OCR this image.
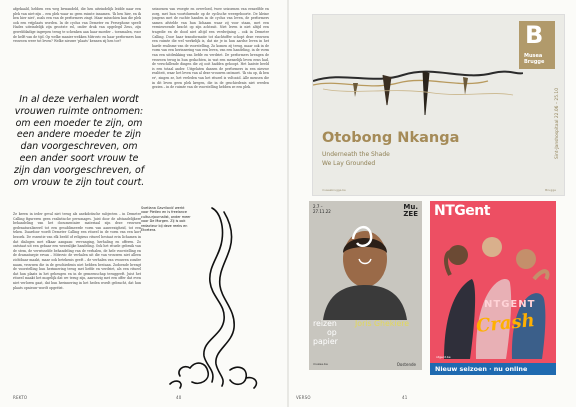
afgekaald, hebben een weg bewandeld, die hen uiteindelijk leidde naar een plek van niet-zijn – een plek waar zo geen ruimte innamen. 'Ik ben hier, en ik ben hier niet', zoals een van de performers zingt. Maar misschien kan die plek ook een vrijplaats worden. In de cyclus van Demeter en Persephone speelt Hades uiteindelijk zijn grootste rol, onder druk van opgelegd Zeus, zijn gewelddadige ingrepen terug te schenken aan haar moeder – toenmalen, voor de helft van de tijd. Op welke manier wekken Mitrovic en haar performers hun vrouwen weer tot leven? Welke nieuwe 'plaats' kennen zij hen toe?

In al deze verhalen wordt vrouwen ruimte ontnomen: om een moeder te zijn, om een andere moeder te zijn dan voorgeschreven, om een ander soort vrouw te zijn dan voorgeschreven, of om vrouw te zijn tout court.

Ze keren in ieder geval niet terug als anekdotische subjecten – in Demeter Calling figureren geen realistische personages. Juist door de afstandelijkere behandeling van het documentaire materiaal zijn deze vrouwen gedenaturaliseerd tot een gesublimeerde vorm van aanwezigheid, tot een teken. Daardoor wordt Demeter Calling een ritueel in de vorm van een kort bezoek. De essentie van elk beeld of religieus ritueel bestaat erin lichamen in dat dialogen met elkaar aangaan: vervanging, herhaling en offeren. Zo ontstaat uit een gebaar een wezenlijke handeling. Ook het rituele gebruik van de stem, de verwisselde behandeling van de verhalen, de hele voorstelling en de dramaturgie ervan – Mitrovic de verhalen uit die van vrouwen niet alleen zichtbaar maakt, maar ook betekenis geeft – de verhalen van vrouwen zonder naam, vrouwen die in de geschiedenis niet hebben bestaan. Zodoende brengt de voorstelling hun herinnering terug met liefde en verdriet, als een ritueel dat hun plaats in het geheugen en in de gemeenschap teruggeeft. Juist het ritueel maakt het mogelijk dat we terug zijn, aanwezig met een offer dat even niet verloren gaat, dat hun herinnering in het heden wordt gebracht, dat hun plaats opnieuw wordt opgeëist.

seizoenen van vroegte en overvloed, twee seizoenen van eenzelfde en zorg, met hun voortdurende op de cyclische weergeboorte. De kleine jongens met de rachte handen in de cyclus van leven, de performers samen afstelde van hun lichaam waar zij voor staan, met een vernieuwende kracht op zijn achtsuit. Niet leven is niet altijd een tragedie en de dood niet altijd een verdwijning – ook in Demeter Calling. Door haar transformatie tot slachtoffer schopt deze vrouwen een ruimte die wel werkelijk is, dat zie je in hun aardse leven in het harde realisme van de voorstelling. Zo komen zij terug, maar ook in de vorm van een herinnering van een leven, van een handeling, in de vorm van een uitdrukking van liefde en verdriet. De performers brengen de vrouwen terug in hun gedachten, in wat een menselijk leven eens had, de verschillende dingen die zij ooit hadden gehoopt. Het laatste beeld is een totaal ander. Uitgelaten dansen de performers in een nieuwe realiteit, waar het leven van al deze vrouwen ontmoet. 'Ik sta op, ik ben er', zingen ze, het verleden van het ritueel is voltooid. Alle mensen die in dit leven geen plek kregen, die in de geschiedenis niet werden gezien – in de ruimte van de voorstelling hebben ze een plek.

Svetlana Gavrilović werkt voor Pietlev en is freelance cultuurjournalist, onder meer voor De Morgen. Zij is ook redacteur bij deze reeks en Etcetera.

REKTO	40	VERSO	41
B
Musea
Brugge
Otobong Nkanga
Underneath the Shade
We Lay Grounded
Sint-Janshospitaal 22.06 – 25.10
museabrugge.be	Brugge
2.7 –
27.11.22
Mu.
ZEE
reizen
op
papier
Joris Ghekiere
muzee.be	Oostende
NTGent
NTGENT
Crash
ntgent.be
Nieuw seizoen · nu online
